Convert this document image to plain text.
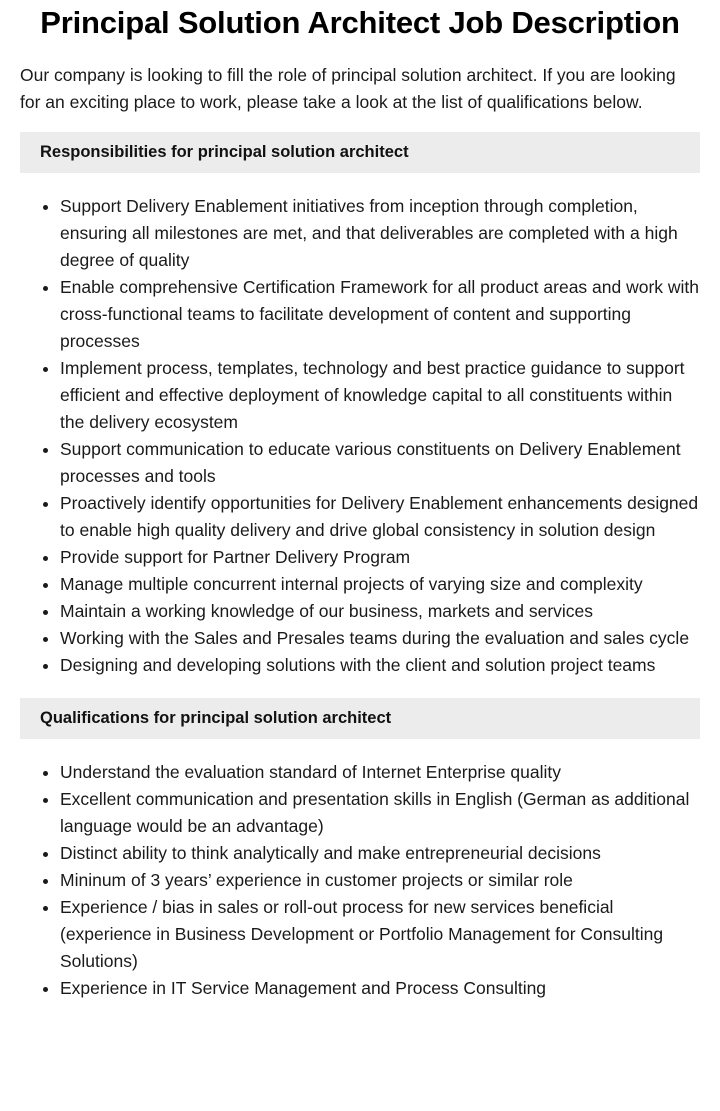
Principal Solution Architect Job Description

Our company is looking to fill the role of principal solution architect. If you are looking for an exciting place to work, please take a look at the list of qualifications below.

Responsibilities for principal solution architect
• Support Delivery Enablement initiatives from inception through completion, ensuring all milestones are met, and that deliverables are completed with a high degree of quality
• Enable comprehensive Certification Framework for all product areas and work with cross-functional teams to facilitate development of content and supporting processes
• Implement process, templates, technology and best practice guidance to support efficient and effective deployment of knowledge capital to all constituents within the delivery ecosystem
• Support communication to educate various constituents on Delivery Enablement processes and tools
• Proactively identify opportunities for Delivery Enablement enhancements designed to enable high quality delivery and drive global consistency in solution design
• Provide support for Partner Delivery Program
• Manage multiple concurrent internal projects of varying size and complexity
• Maintain a working knowledge of our business, markets and services
• Working with the Sales and Presales teams during the evaluation and sales cycle
• Designing and developing solutions with the client and solution project teams
Qualifications for principal solution architect
• Understand the evaluation standard of Internet Enterprise quality
• Excellent communication and presentation skills in English (German as additional language would be an advantage)
• Distinct ability to think analytically and make entrepreneurial decisions
• Mininum of 3 years’ experience in customer projects or similar role
• Experience / bias in sales or roll-out process for new services beneficial (experience in Business Development or Portfolio Management for Consulting Solutions)
• Experience in IT Service Management and Process Consulting
